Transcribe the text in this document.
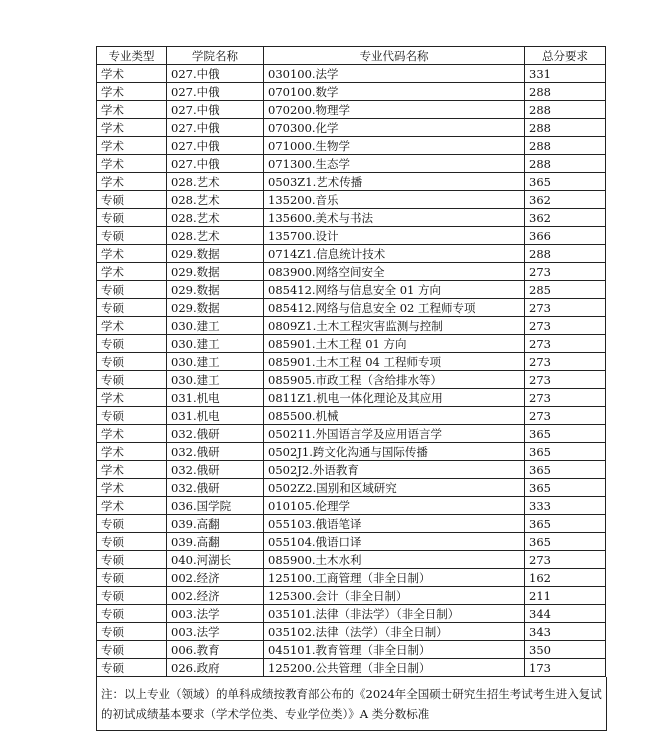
专业类型	学院名称	专业代码名称	总分要求
学术	027.中俄	030100.法学	331
学术	027.中俄	070100.数学	288
学术	027.中俄	070200.物理学	288
学术	027.中俄	070300.化学	288
学术	027.中俄	071000.生物学	288
学术	027.中俄	071300.生态学	288
学术	028.艺术	0503Z1.艺术传播	365
专硕	028.艺术	135200.音乐	362
专硕	028.艺术	135600.美术与书法	362
专硕	028.艺术	135700.设计	366
学术	029.数据	0714Z1.信息统计技术	288
学术	029.数据	083900.网络空间安全	273
专硕	029.数据	085412.网络与信息安全 01 方向	285
专硕	029.数据	085412.网络与信息安全 02 工程师专项	273
学术	030.建工	0809Z1.土木工程灾害监测与控制	273
专硕	030.建工	085901.土木工程 01 方向	273
专硕	030.建工	085901.土木工程 04 工程师专项	273
专硕	030.建工	085905.市政工程（含给排水等）	273
学术	031.机电	0811Z1.机电一体化理论及其应用	273
专硕	031.机电	085500.机械	273
学术	032.俄研	050211.外国语言学及应用语言学	365
学术	032.俄研	0502J1.跨文化沟通与国际传播	365
学术	032.俄研	0502J2.外语教育	365
学术	032.俄研	0502Z2.国别和区域研究	365
学术	036.国学院	010105.伦理学	333
专硕	039.高翻	055103.俄语笔译	365
专硕	039.高翻	055104.俄语口译	365
专硕	040.河湖长	085900.土木水利	273
专硕	002.经济	125100.工商管理（非全日制）	162
专硕	002.经济	125300.会计（非全日制）	211
专硕	003.法学	035101.法律（非法学）（非全日制）	344
专硕	003.法学	035102.法律（法学）（非全日制）	343
专硕	006.教育	045101.教育管理（非全日制）	350
专硕	026.政府	125200.公共管理（非全日制）	173
注：以上专业（领域）的单科成绩按教育部公布的《2024年全国硕士研究生招生考试考生进入复试的初试成绩基本要求（学术学位类、专业学位类）》A 类分数标准
